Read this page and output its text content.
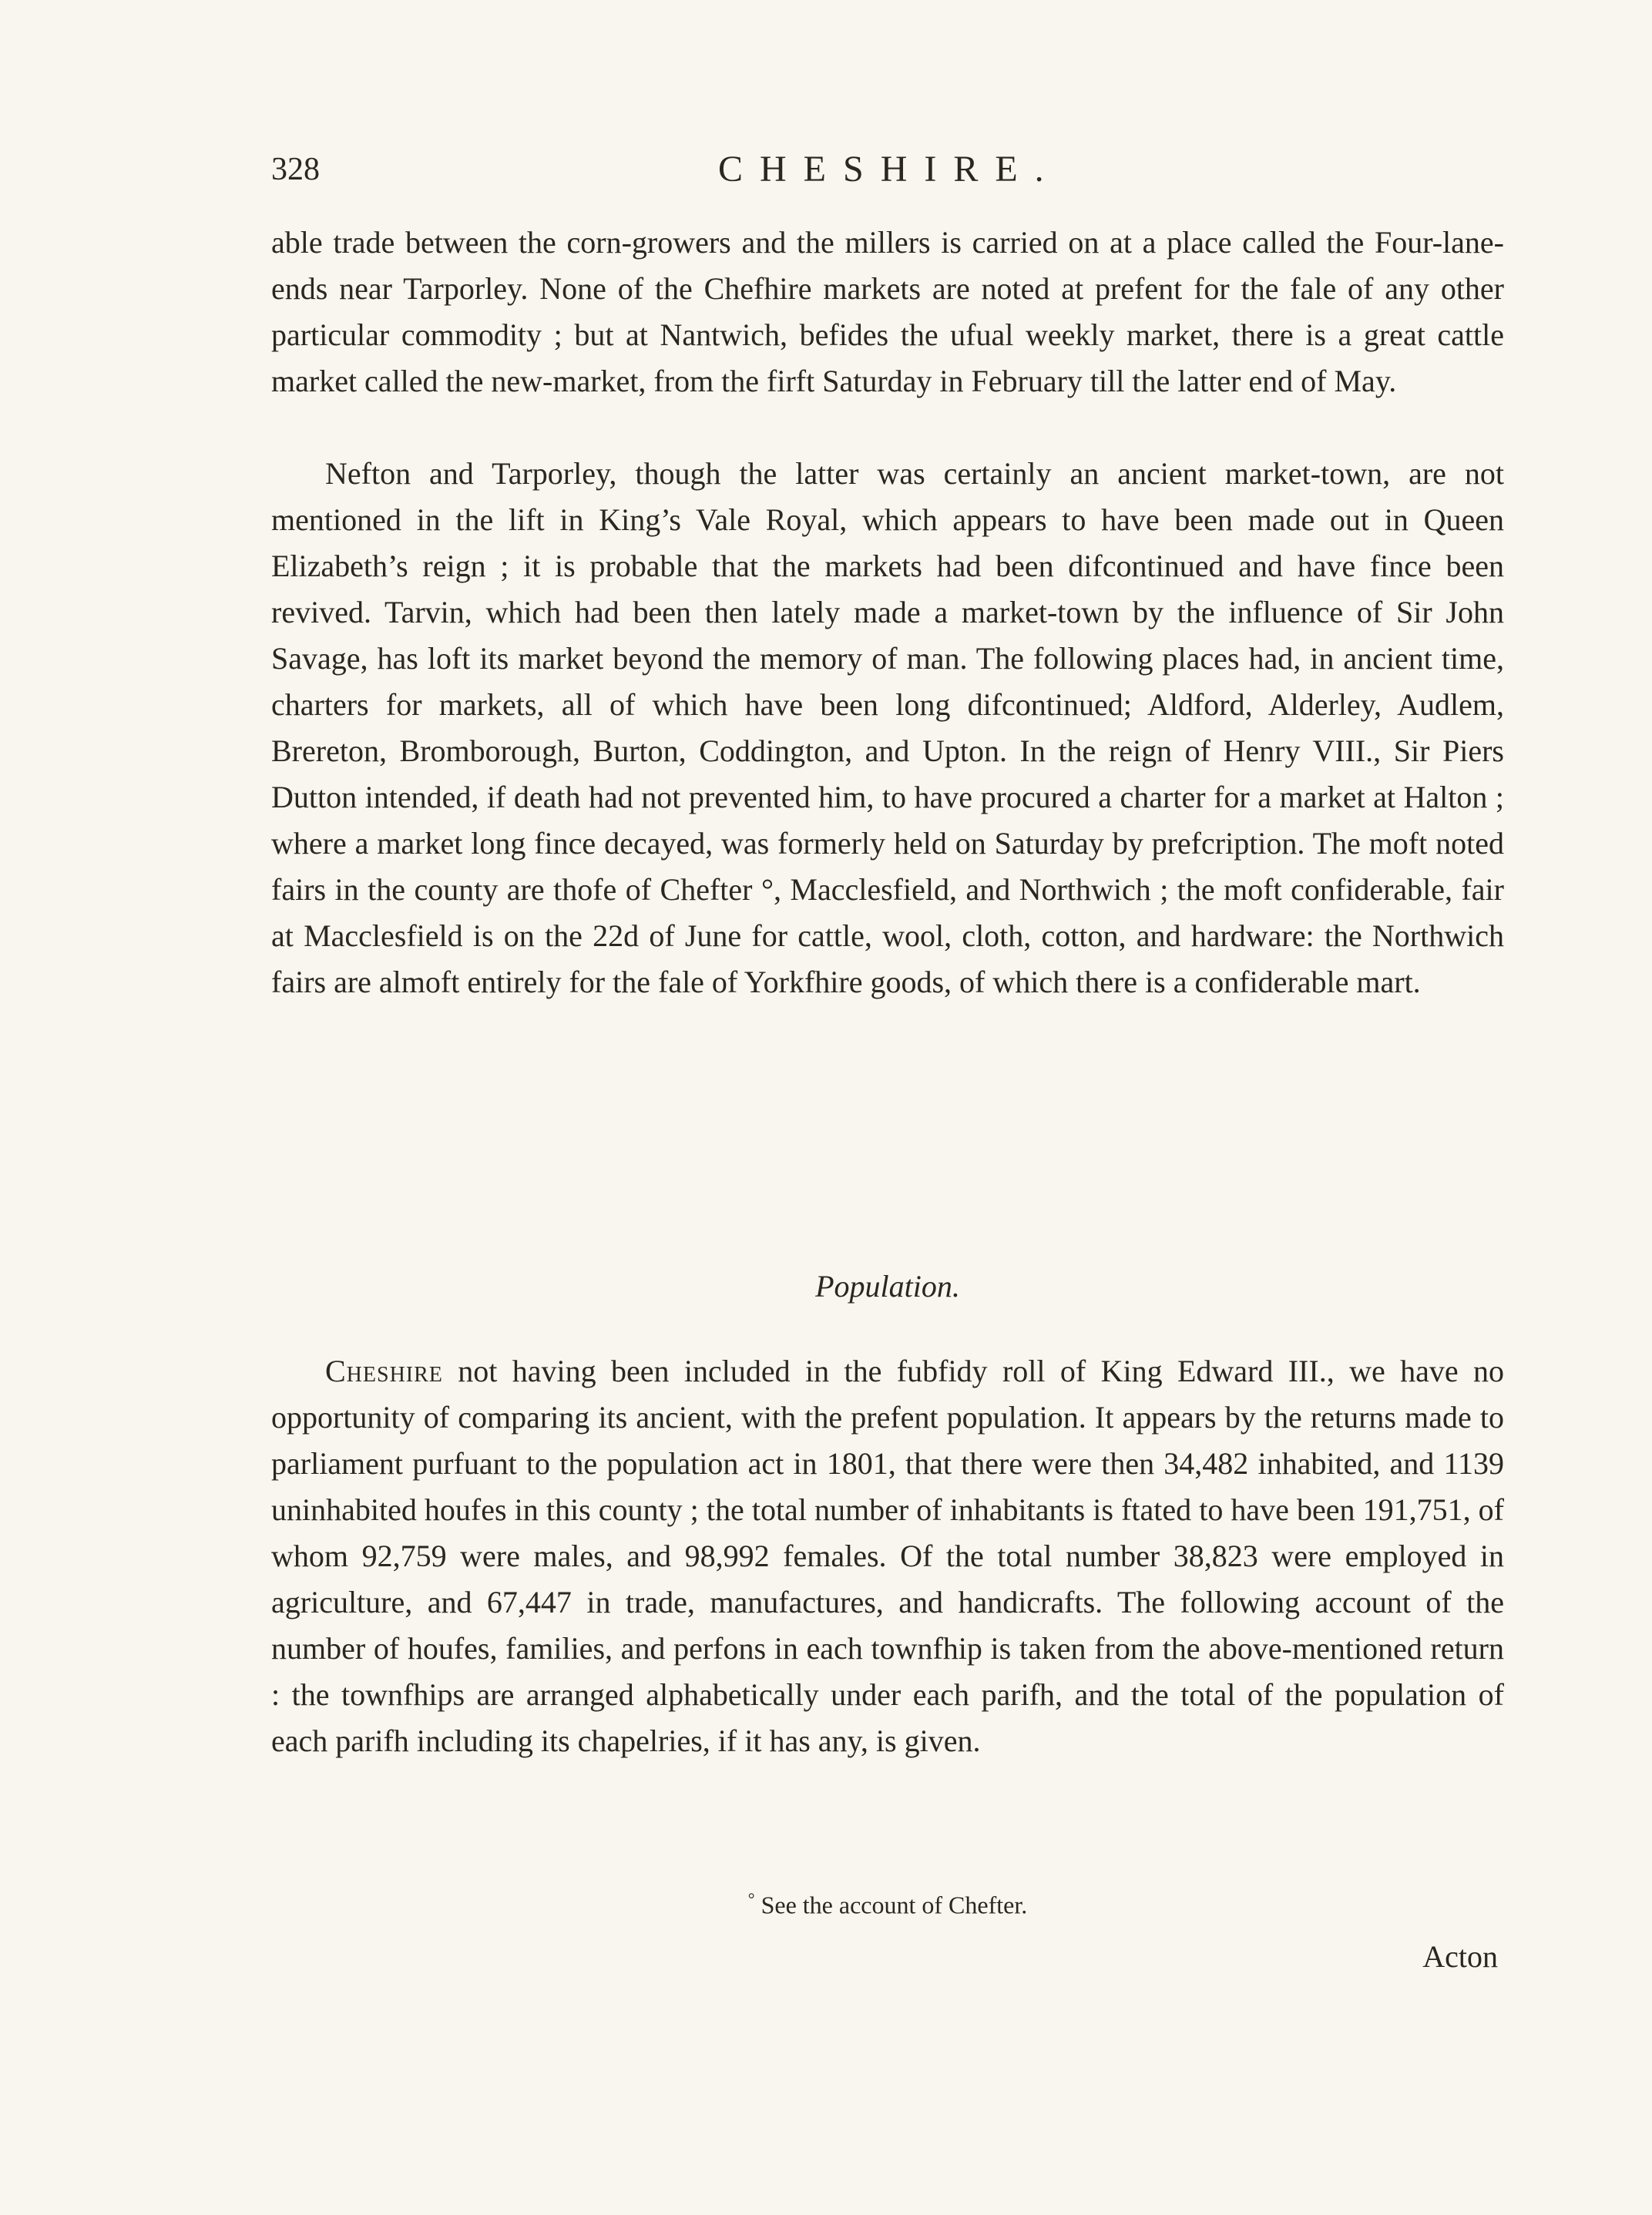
328	CHESHIRE.

able trade between the corn-growers and the millers is carried on at a place called the Four-lane-ends near Tarporley. None of the Chefhire markets are noted at prefent for the fale of any other particular commodity ; but at Nantwich, befides the ufual weekly market, there is a great cattle market called the new-market, from the firft Saturday in February till the latter end of May.

Nefton and Tarporley, though the latter was certainly an ancient market-town, are not mentioned in the lift in King’s Vale Royal, which appears to have been made out in Queen Elizabeth’s reign ; it is probable that the markets had been difcontinued and have fince been revived. Tarvin, which had been then lately made a market-town by the influence of Sir John Savage, has loft its market beyond the memory of man. The following places had, in ancient time, charters for markets, all of which have been long difcontinued; Aldford, Alderley, Audlem, Brereton, Bromborough, Burton, Coddington, and Upton. In the reign of Henry VIII., Sir Piers Dutton intended, if death had not prevented him, to have procured a charter for a market at Halton ; where a market long fince decayed, was formerly held on Saturday by prefcription. The moft noted fairs in the county are thofe of Chefter °, Macclesfield, and Northwich ; the moft confiderable, fair at Macclesfield is on the 22d of June for cattle, wool, cloth, cotton, and hardware: the Northwich fairs are almoft entirely for the fale of Yorkfhire goods, of which there is a confiderable mart.

Population.

Cheshire not having been included in the fubfidy roll of King Edward III., we have no opportunity of comparing its ancient, with the prefent population. It appears by the returns made to parliament purfuant to the population act in 1801, that there were then 34,482 inhabited, and 1139 uninhabited houfes in this county ; the total number of inhabitants is ftated to have been 191,751, of whom 92,759 were males, and 98,992 females. Of the total number 38,823 were employed in agriculture, and 67,447 in trade, manufactures, and handicrafts. The following account of the number of houfes, families, and perfons in each townfhip is taken from the above-mentioned return : the townfhips are arranged alphabetically under each parifh, and the total of the population of each parifh including its chapelries, if it has any, is given.

° See the account of Chefter.
Acton
